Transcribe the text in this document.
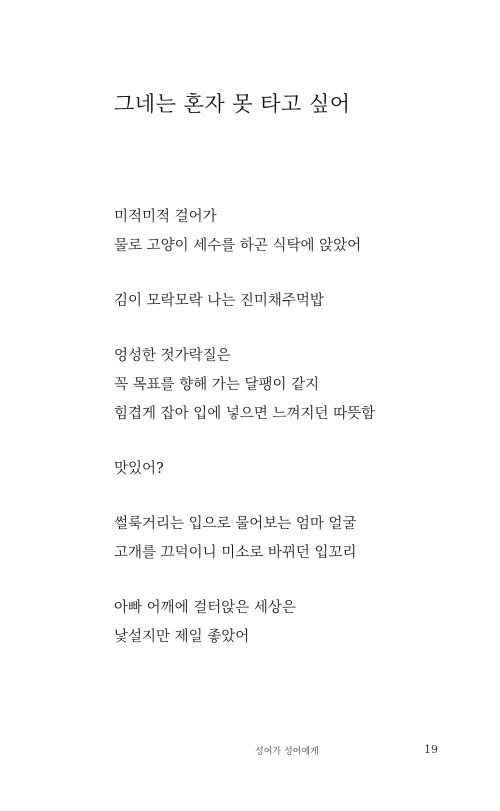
그네는 혼자 못 타고 싶어
미적미적 걸어가
물로 고양이 세수를 하곤 식탁에 앉았어
김이 모락모락 나는 진미채주먹밥
엉성한 젓가락질은
꼭 목표를 향해 가는 달팽이 같지
힘겹게 잡아 입에 넣으면 느껴지던 따뜻함
맛있어?
썰룩거리는 입으로 물어보는 엄마 얼굴
고개를 끄덕이니 미소로 바뀌던 입꼬리
아빠 어깨에 걸터앉은 세상은
낯설지만 제일 좋았어
성어가 성어에게	19
